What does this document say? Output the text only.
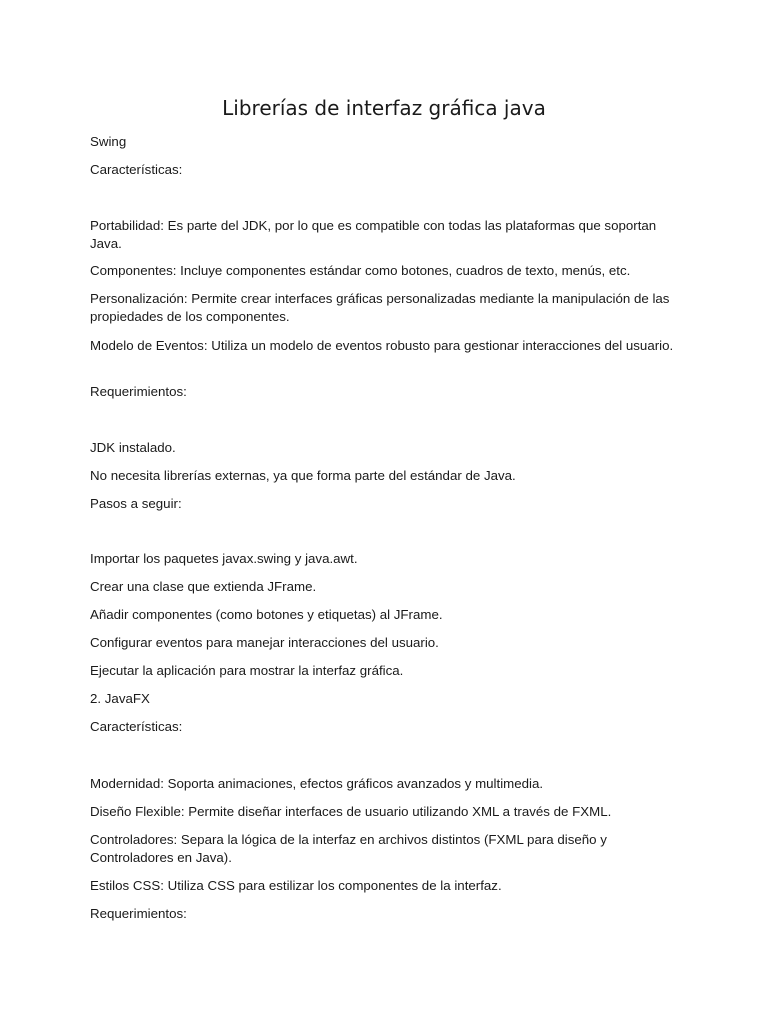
Librerías de interfaz gráfica java
Swing
Características:
Portabilidad: Es parte del JDK, por lo que es compatible con todas las plataformas que soportan Java.
Componentes: Incluye componentes estándar como botones, cuadros de texto, menús, etc.
Personalización: Permite crear interfaces gráficas personalizadas mediante la manipulación de las propiedades de los componentes.
Modelo de Eventos: Utiliza un modelo de eventos robusto para gestionar interacciones del usuario.
Requerimientos:
JDK instalado.
No necesita librerías externas, ya que forma parte del estándar de Java.
Pasos a seguir:
Importar los paquetes javax.swing y java.awt.
Crear una clase que extienda JFrame.
Añadir componentes (como botones y etiquetas) al JFrame.
Configurar eventos para manejar interacciones del usuario.
Ejecutar la aplicación para mostrar la interfaz gráfica.
2. JavaFX
Características:
Modernidad: Soporta animaciones, efectos gráficos avanzados y multimedia.
Diseño Flexible: Permite diseñar interfaces de usuario utilizando XML a través de FXML.
Controladores: Separa la lógica de la interfaz en archivos distintos (FXML para diseño y Controladores en Java).
Estilos CSS: Utiliza CSS para estilizar los componentes de la interfaz.
Requerimientos:
